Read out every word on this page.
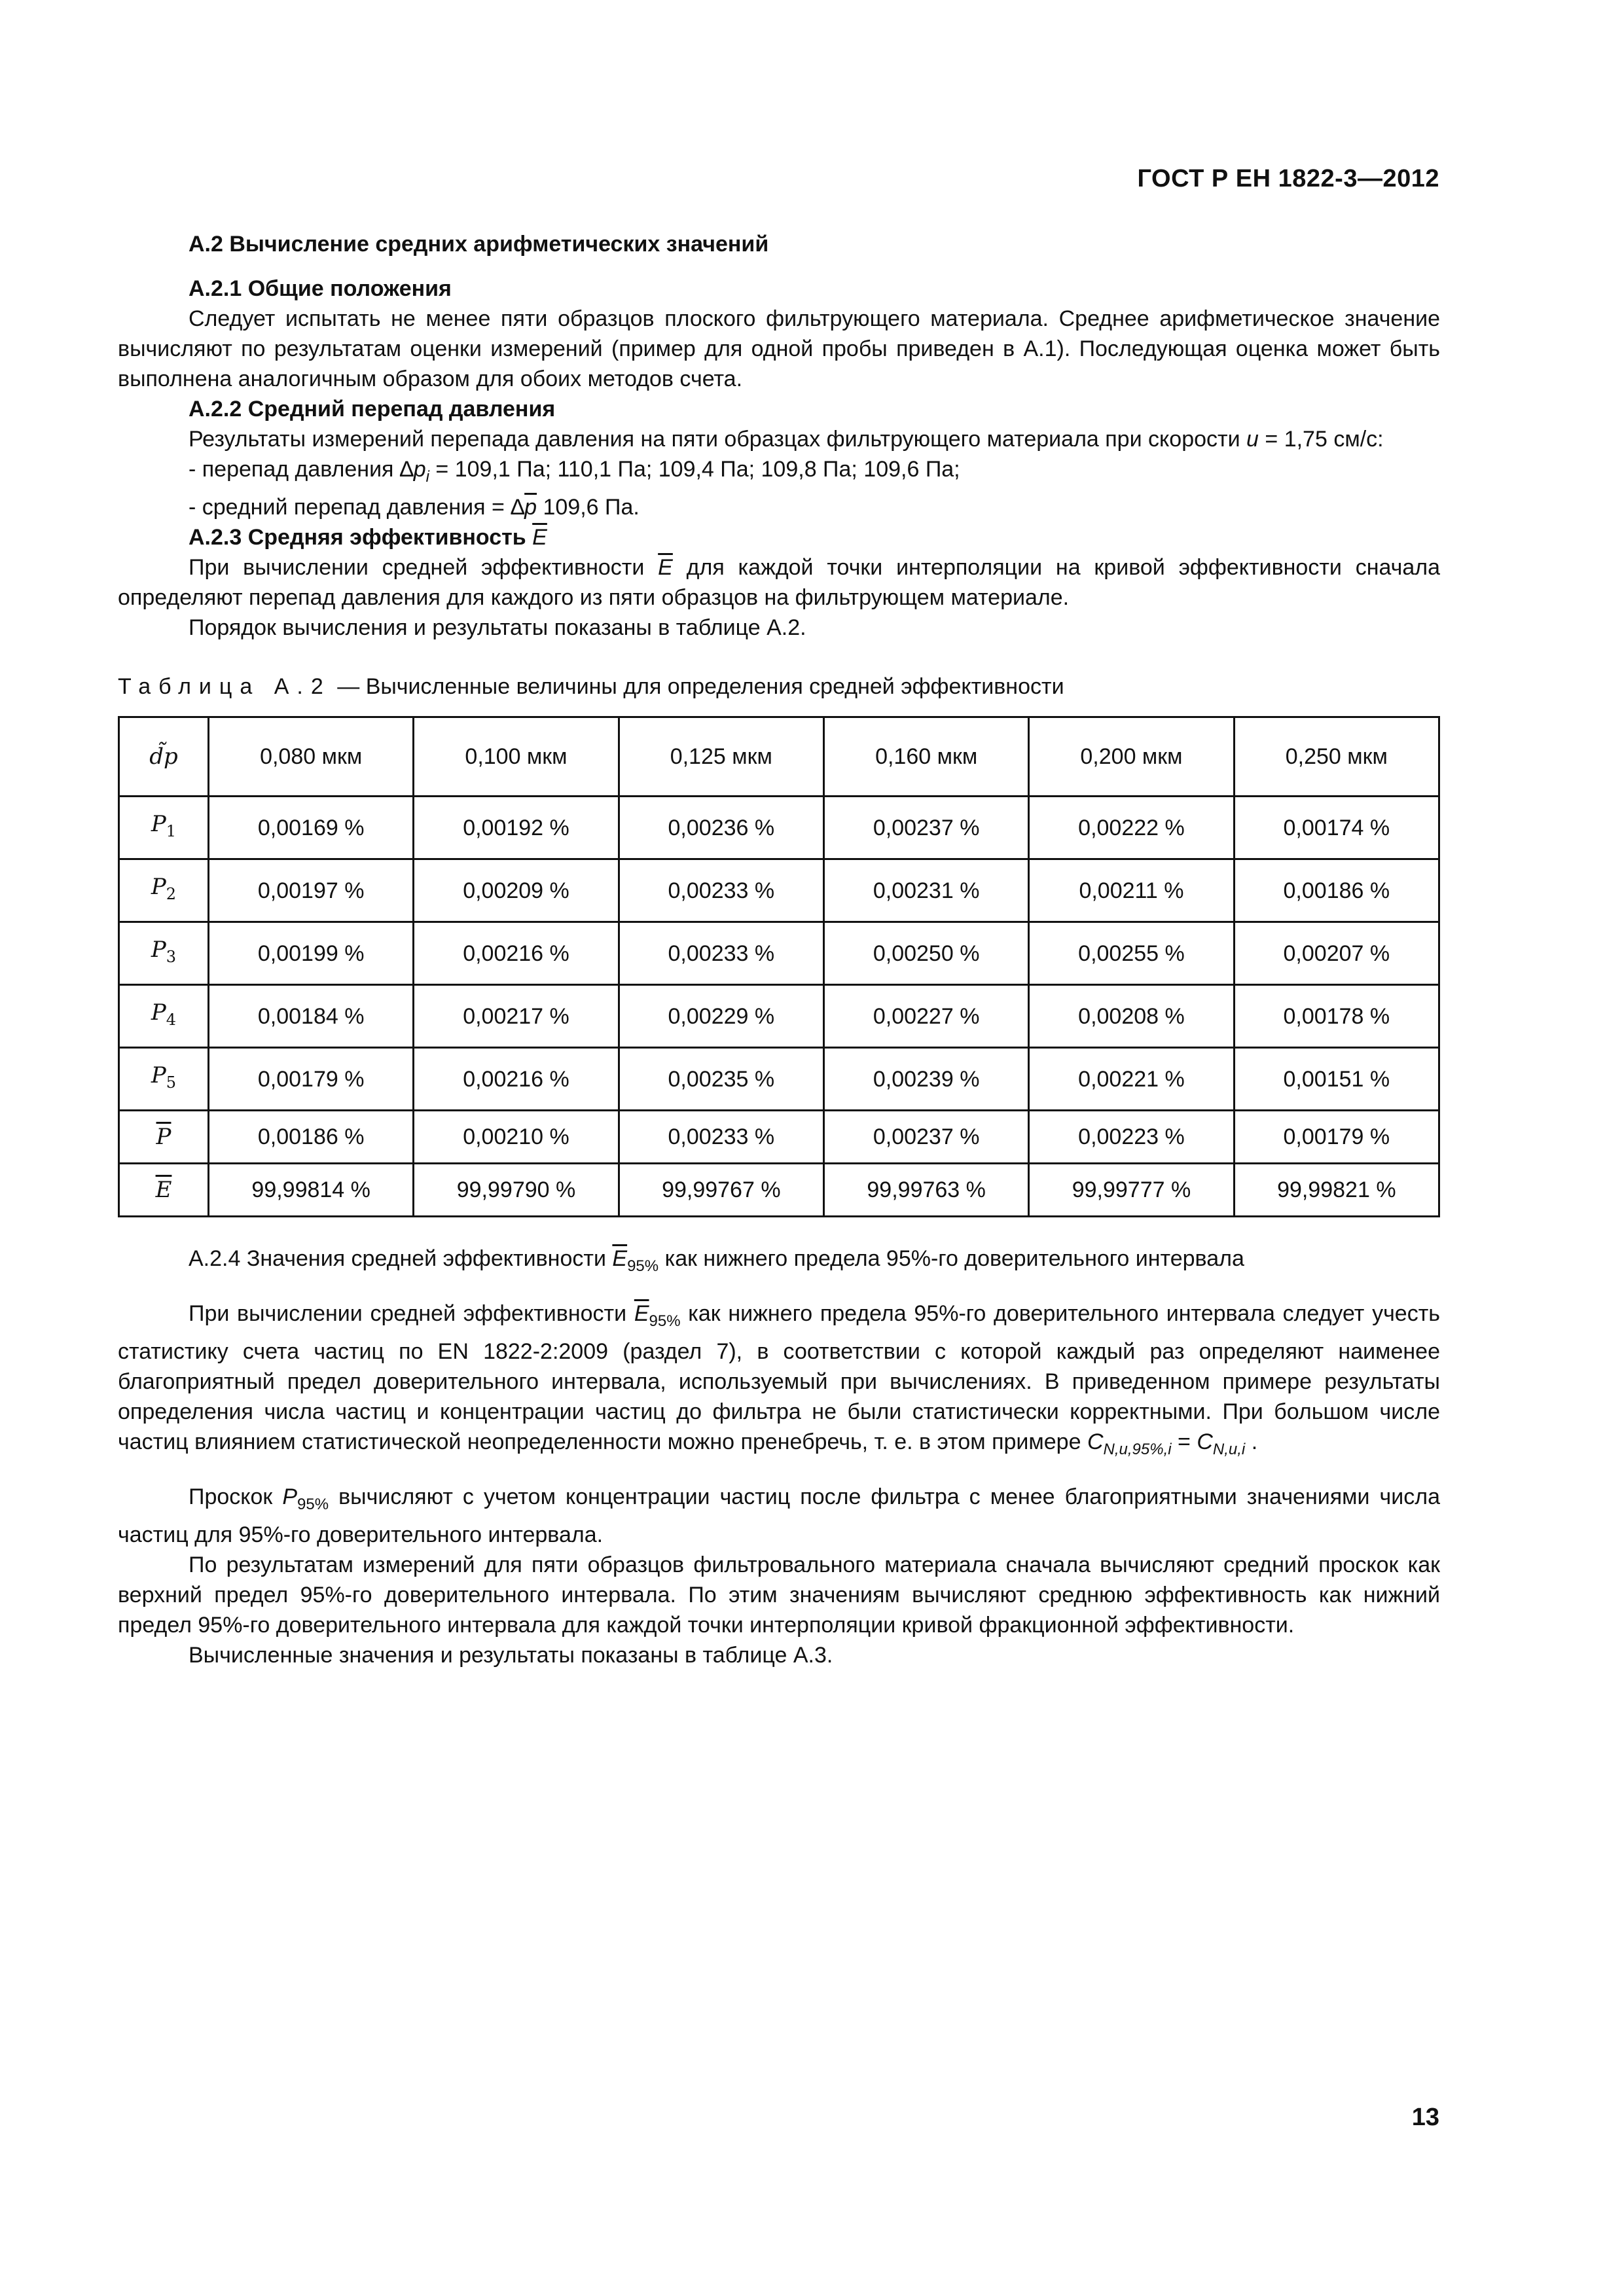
ГОСТ Р ЕН 1822-3—2012

А.2 Вычисление средних арифметических значений

А.2.1 Общие положения

Следует испытать не менее пяти образцов плоского фильтрующего материала. Среднее арифметическое значение вычисляют по результатам оценки измерений (пример для одной пробы приведен в А.1). Последующая оценка может быть выполнена аналогичным образом для обоих методов счета.

А.2.2 Средний перепад давления

Результаты измерений перепада давления на пяти образцах фильтрующего материала при скорости u = 1,75 см/с:

- перепад давления $\Delta p_i = 109,1$ Па; 110,1 Па; 109,4 Па; 109,8 Па; 109,6 Па;

- средний перепад давления = $\Delta\overline{p}$ 109,6 Па.

А.2.3 Средняя эффективность $\overline{E}$

При вычислении средней эффективности $\overline{E}$ для каждой точки интерполяции на кривой эффективности сначала определяют перепад давления для каждого из пяти образцов на фильтрующем материале.

Порядок вычисления и результаты показаны в таблице А.2.

Таблица А.2 — Вычисленные величины для определения средней эффективности

d̃p	0,080 мкм	0,100 мкм	0,125 мкм	0,160 мкм	0,200 мкм	0,250 мкм
$P_1$	0,00169 %	0,00192 %	0,00236 %	0,00237 %	0,00222 %	0,00174 %
$P_2$	0,00197 %	0,00209 %	0,00233 %	0,00231 %	0,00211 %	0,00186 %
$P_3$	0,00199 %	0,00216 %	0,00233 %	0,00250 %	0,00255 %	0,00207 %
$P_4$	0,00184 %	0,00217 %	0,00229 %	0,00227 %	0,00208 %	0,00178 %
$P_5$	0,00179 %	0,00216 %	0,00235 %	0,00239 %	0,00221 %	0,00151 %
$\overline{P}$	0,00186 %	0,00210 %	0,00233 %	0,00237 %	0,00223 %	0,00179 %
$\overline{E}$	99,99814 %	99,99790 %	99,99767 %	99,99763 %	99,99777 %	99,99821 %

А.2.4 Значения средней эффективности $\overline{E}_{95\%}$ как нижнего предела 95%-го доверительного интервала

При вычислении средней эффективности $\overline{E}_{95\%}$ как нижнего предела 95%-го доверительного интервала следует учесть статистику счета частиц по EN 1822-2:2009 (раздел 7), в соответствии с которой каждый раз определяют наименее благоприятный предел доверительного интервала, используемый при вычислениях. В приведенном примере результаты определения числа частиц и концентрации частиц до фильтра не были статистически корректными. При большом числе частиц влиянием статистической неопределенности можно пренебречь, т. е. в этом примере $C_{N,u,95\%,i} = C_{N,u,i}$ .

Проскок $P_{95\%}$ вычисляют с учетом концентрации частиц после фильтра с менее благоприятными значениями числа частиц для 95%-го доверительного интервала.

По результатам измерений для пяти образцов фильтровального материала сначала вычисляют средний проскок как верхний предел 95%-го доверительного интервала. По этим значениям вычисляют среднюю эффективность как нижний предел 95%-го доверительного интервала для каждой точки интерполяции кривой фракционной эффективности.

Вычисленные значения и результаты показаны в таблице А.3.

13
